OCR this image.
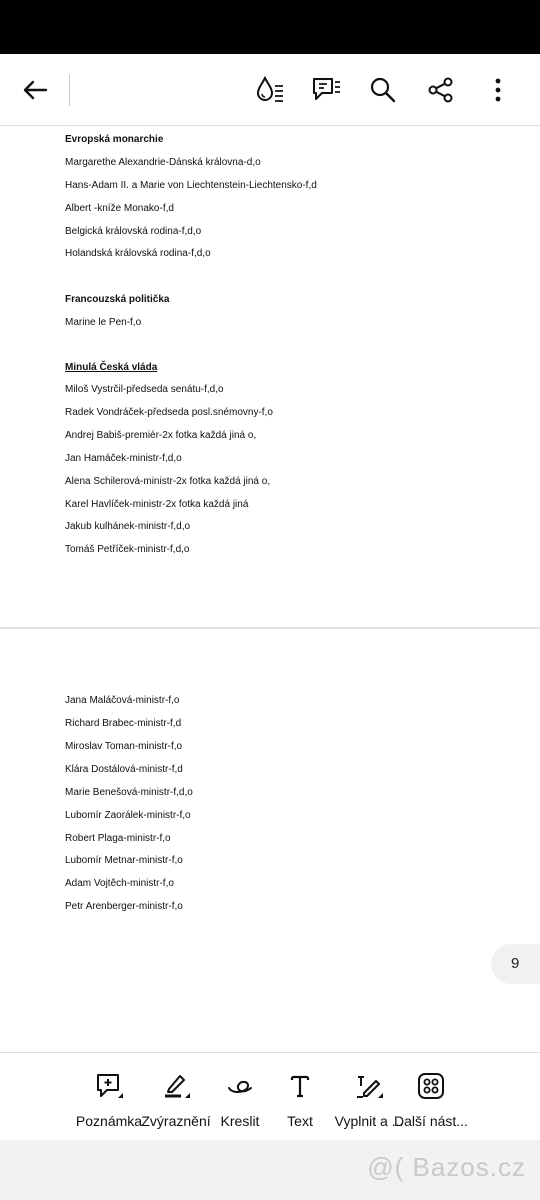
Evropská monarchie
Margarethe Alexandrie-Dánská královna-d,o
Hans-Adam II. a Marie von Liechtenstein-Liechtensko-f,d
Albert -kníže Monako-f,d
Belgická královská rodina-f,d,o
Holandská královská rodina-f,d,o
Francouzská politička
Marine le Pen-f,o
Minulá Česká vláda
Miloš Vystrčil-předseda senátu-f,d,o
Radek Vondráček-předseda posl.snémovny-f,o
Andrej Babiš-premiér-2x fotka každá jiná o,
Jan Hamáček-ministr-f,d,o
Alena Schilerová-ministr-2x fotka každá jiná o,
Karel Havlíček-ministr-2x fotka každá jiná
Jakub kulhánek-ministr-f,d,o
Tomáš Petříček-ministr-f,d,o
Jana Maláčová-ministr-f,o
Richard Brabec-ministr-f,d
Miroslav Toman-ministr-f,o
Klára Dostálová-ministr-f,d
Marie Benešová-ministr-f,d,o
Lubomír Zaorálek-ministr-f,o
Robert Plaga-ministr-f,o
Lubomír Metnar-ministr-f,o
Adam Vojtěch-ministr-f,o
Petr Arenberger-ministr-f,o
9
Poznámka Zvýraznění Kreslit	Text	Vyplnit a ...
Další nást...
@( Bazos.cz
